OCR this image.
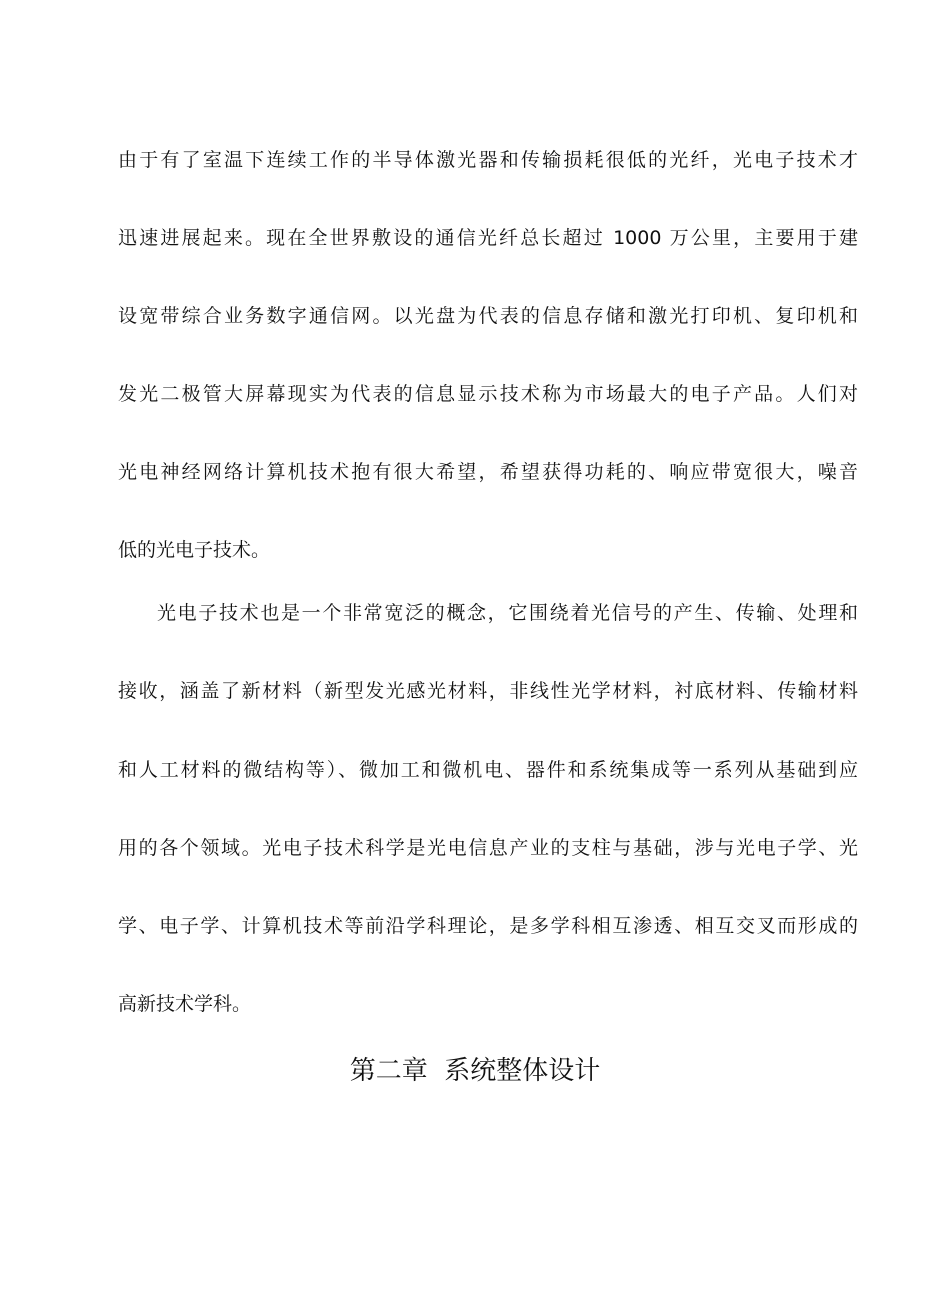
由于有了室温下连续工作的半导体激光器和传输损耗很低的光纤，光电子技术才
迅速进展起来。现在全世界敷设的通信光纤总长超过 1000 万公里，主要用于建
设宽带综合业务数字通信网。以光盘为代表的信息存储和激光打印机、复印机和
发光二极管大屏幕现实为代表的信息显示技术称为市场最大的电子产品。人们对
光电神经网络计算机技术抱有很大希望，希望获得功耗的、响应带宽很大，噪音
低的光电子技术。
光电子技术也是一个非常宽泛的概念，它围绕着光信号的产生、传输、处理和
接收，涵盖了新材料（新型发光感光材料，非线性光学材料，衬底材料、传输材料
和人工材料的微结构等）、微加工和微机电、器件和系统集成等一系列从基础到应
用的各个领域。光电子技术科学是光电信息产业的支柱与基础，涉与光电子学、光
学、电子学、计算机技术等前沿学科理论，是多学科相互渗透、相互交叉而形成的
高新技术学科。
第二章  系统整体设计
